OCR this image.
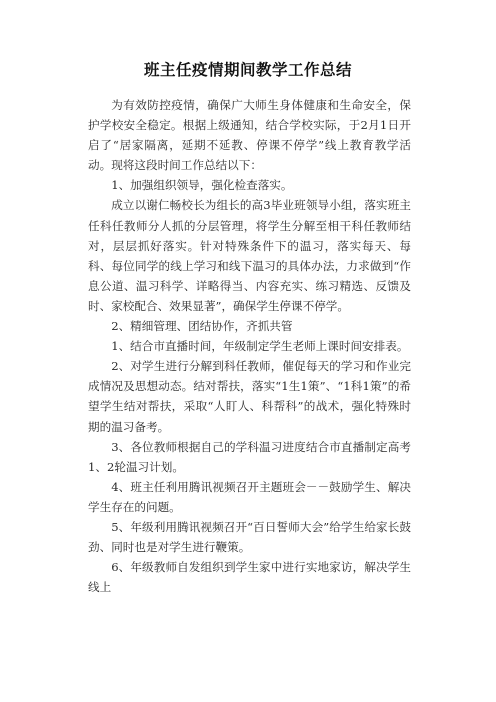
班主任疫情期间教学工作总结

为有效防控疫情，确保广大师生身体健康和生命安全，保护学校安全稳定。根据上级通知，结合学校实际，于2月1日开启了“居家隔离，延期不延教、停课不停学”线上教育教学活动。现将这段时间工作总结以下：

1、加强组织领导，强化检查落实。

成立以谢仁畅校长为组长的高3毕业班领导小组，落实班主任科任教师分人抓的分层管理，将学生分解至相干科任教师结对，层层抓好落实。针对特殊条件下的温习，落实每天、每科、每位同学的线上学习和线下温习的具体办法，力求做到“作息公道、温习科学、详略得当、内容充实、练习精选、反馈及时、家校配合、效果显著”，确保学生停课不停学。

2、精细管理、团结协作，齐抓共管

1、结合市直播时间，年级制定学生老师上课时间安排表。

2、对学生进行分解到科任教师，催促每天的学习和作业完成情况及思想动态。结对帮扶，落实“1生1策”、“1科1策”的希望学生结对帮扶，采取“人盯人、科帮科”的战术，强化特殊时期的温习备考。

3、各位教师根据自己的学科温习进度结合市直播制定高考1、2轮温习计划。

4、班主任利用腾讯视频召开主题班会－－鼓励学生、解决学生存在的问题。

5、年级利用腾讯视频召开“百日誓师大会”给学生给家长鼓劲、同时也是对学生进行鞭策。

6、年级教师自发组织到学生家中进行实地家访，解决学生线上
